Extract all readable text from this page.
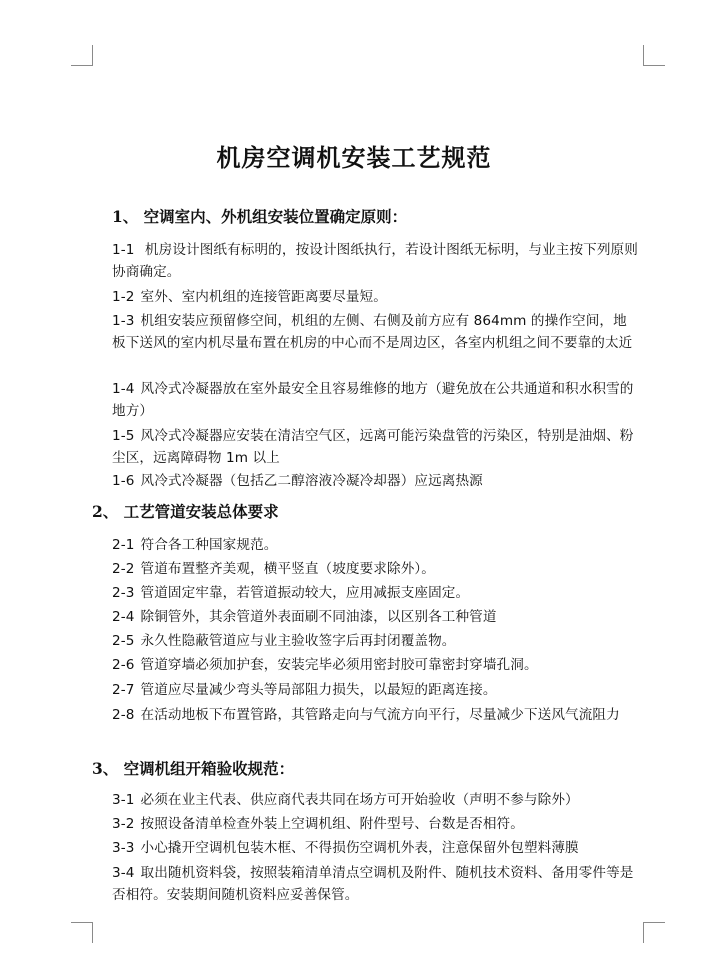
机房空调机安装工艺规范
1、 空调室内、外机组安装位置确定原则：

1-1 机房设计图纸有标明的，按设计图纸执行，若设计图纸无标明，与业主按下列原则协商确定。

1-2 室外、室内机组的连接管距离要尽量短。

1-3 机组安装应预留修空间，机组的左侧、右侧及前方应有 864mm 的操作空间，地板下送风的室内机尽量布置在机房的中心而不是周边区，各室内机组之间不要靠的太近

1-4 风冷式冷凝器放在室外最安全且容易维修的地方（避免放在公共通道和积水积雪的地方）

1-5 风冷式冷凝器应安装在清洁空气区，远离可能污染盘管的污染区，特别是油烟、粉尘区，远离障碍物 1m 以上

1-6 风冷式冷凝器（包括乙二醇溶液冷凝冷却器）应远离热源

2、 工艺管道安装总体要求

2-1 符合各工种国家规范。

2-2 管道布置整齐美观，横平竖直（坡度要求除外）。

2-3 管道固定牢靠，若管道振动较大，应用减振支座固定。

2-4 除铜管外，其余管道外表面刷不同油漆，以区别各工种管道

2-5 永久性隐蔽管道应与业主验收签字后再封闭覆盖物。

2-6 管道穿墙必须加护套，安装完毕必须用密封胶可靠密封穿墙孔洞。

2-7 管道应尽量减少弯头等局部阻力损失，以最短的距离连接。

2-8 在活动地板下布置管路，其管路走向与气流方向平行，尽量减少下送风气流阻力

3、 空调机组开箱验收规范：

3-1 必须在业主代表、供应商代表共同在场方可开始验收（声明不参与除外）

3-2 按照设备清单检查外装上空调机组、附件型号、台数是否相符。

3-3 小心撬开空调机包装木框、不得损伤空调机外表，注意保留外包塑料薄膜

3-4 取出随机资料袋，按照装箱清单清点空调机及附件、随机技术资料、备用零件等是否相符。安装期间随机资料应妥善保管。
